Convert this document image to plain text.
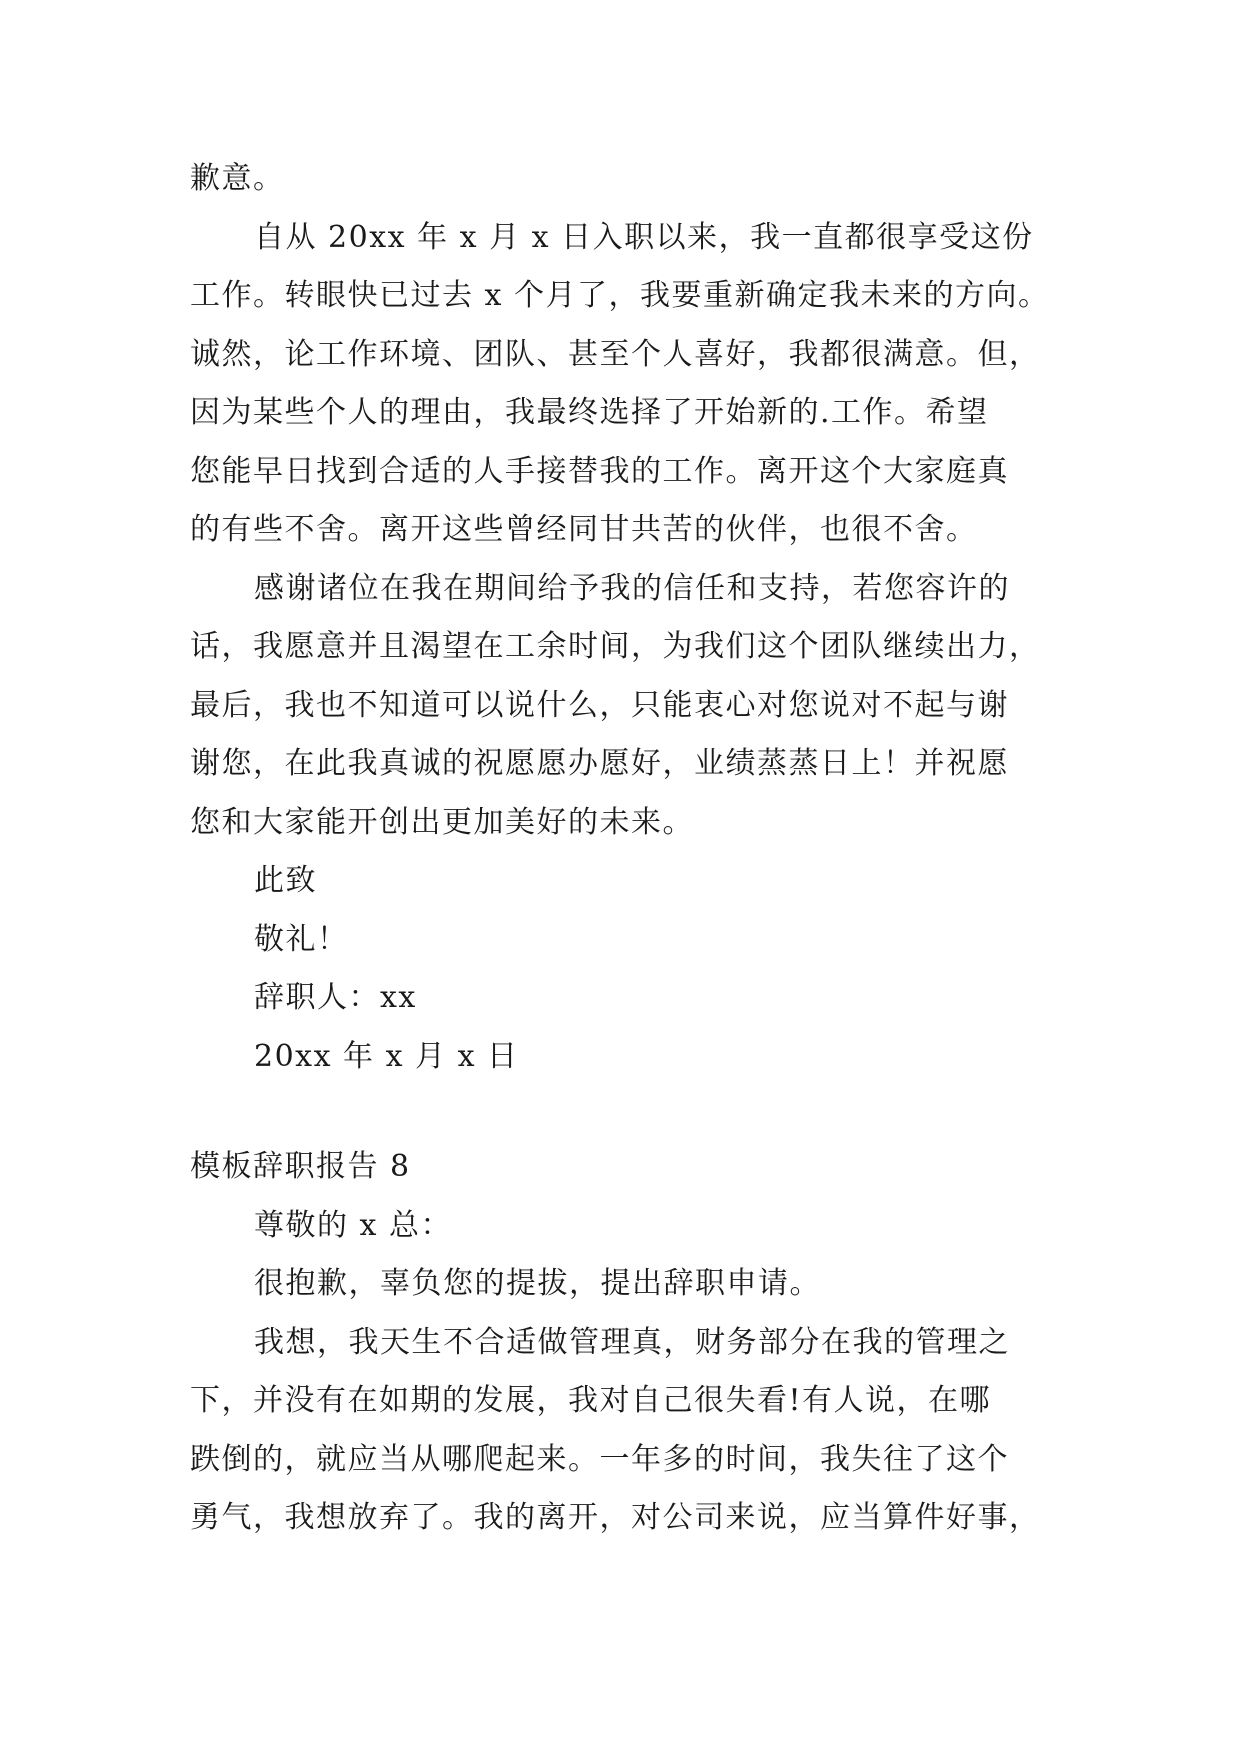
歉意。
自从 20xx 年 x 月 x 日入职以来，我一直都很享受这份
工作。转眼快已过去 x 个月了，我要重新确定我未来的方向。
诚然，论工作环境、团队、甚至个人喜好，我都很满意。但，
因为某些个人的理由，我最终选择了开始新的.工作。希望
您能早日找到合适的人手接替我的工作。离开这个大家庭真
的有些不舍。离开这些曾经同甘共苦的伙伴，也很不舍。
感谢诸位在我在期间给予我的信任和支持，若您容许的
话，我愿意并且渴望在工余时间，为我们这个团队继续出力，
最后，我也不知道可以说什么，只能衷心对您说对不起与谢
谢您，在此我真诚的祝愿愿办愿好，业绩蒸蒸日上！并祝愿
您和大家能开创出更加美好的未来。
此致
敬礼！
辞职人：xx
20xx 年 x 月 x 日
模板辞职报告 8
尊敬的 x 总：
很抱歉，辜负您的提拔，提出辞职申请。
我想，我天生不合适做管理真，财务部分在我的管理之
下，并没有在如期的发展，我对自己很失看!有人说，在哪
跌倒的，就应当从哪爬起来。一年多的时间，我失往了这个
勇气，我想放弃了。我的离开，对公司来说，应当算件好事，
